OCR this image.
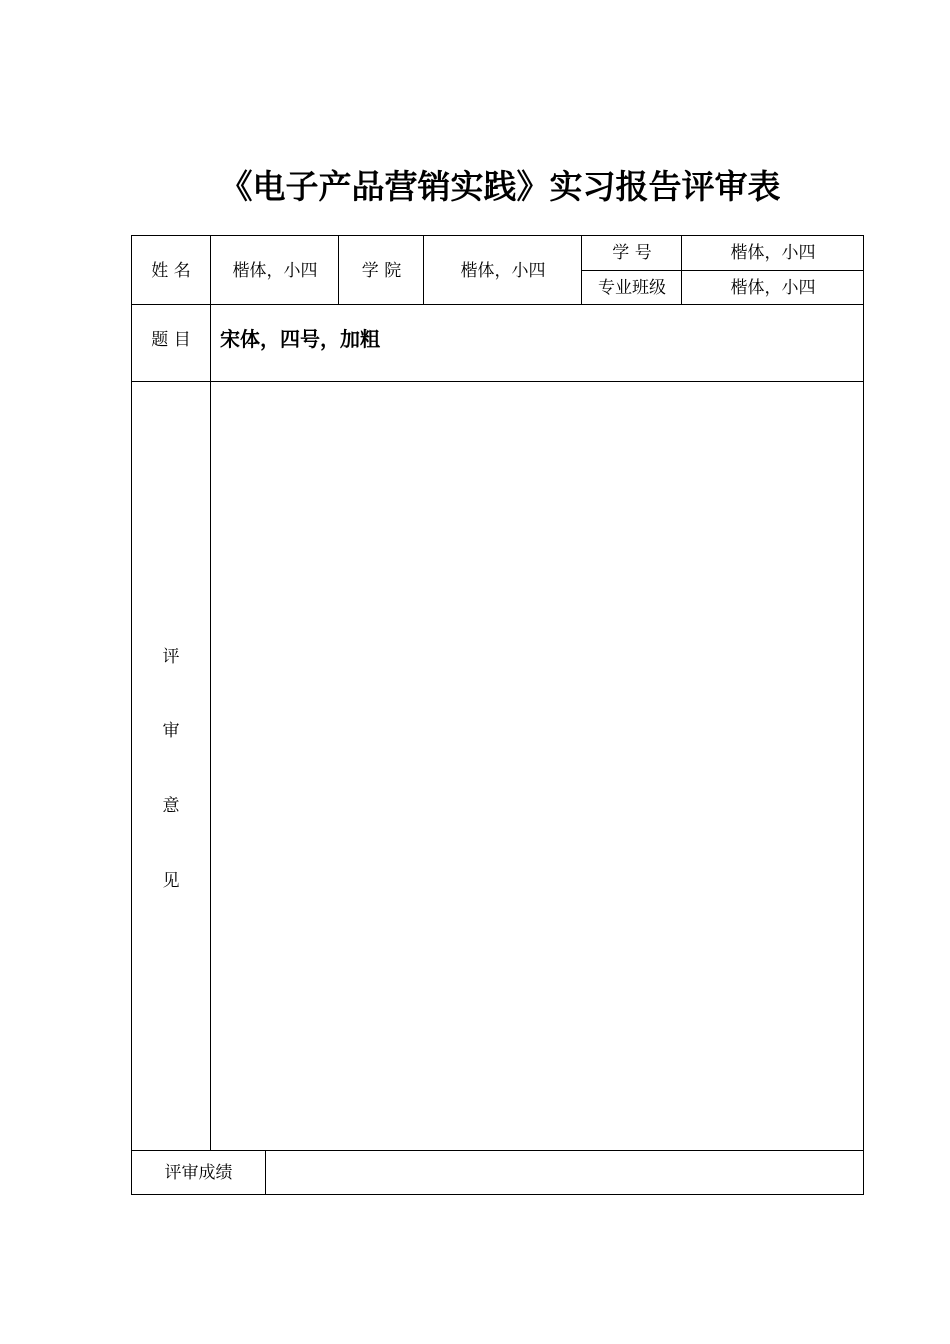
《电子产品营销实践》实习报告评审表
姓 名	楷体，小四	学 院	楷体，小四
学 号	楷体，小四
专业班级	楷体，小四
题 目	宋体，四号，加粗
评
审
意
见
评审成绩
